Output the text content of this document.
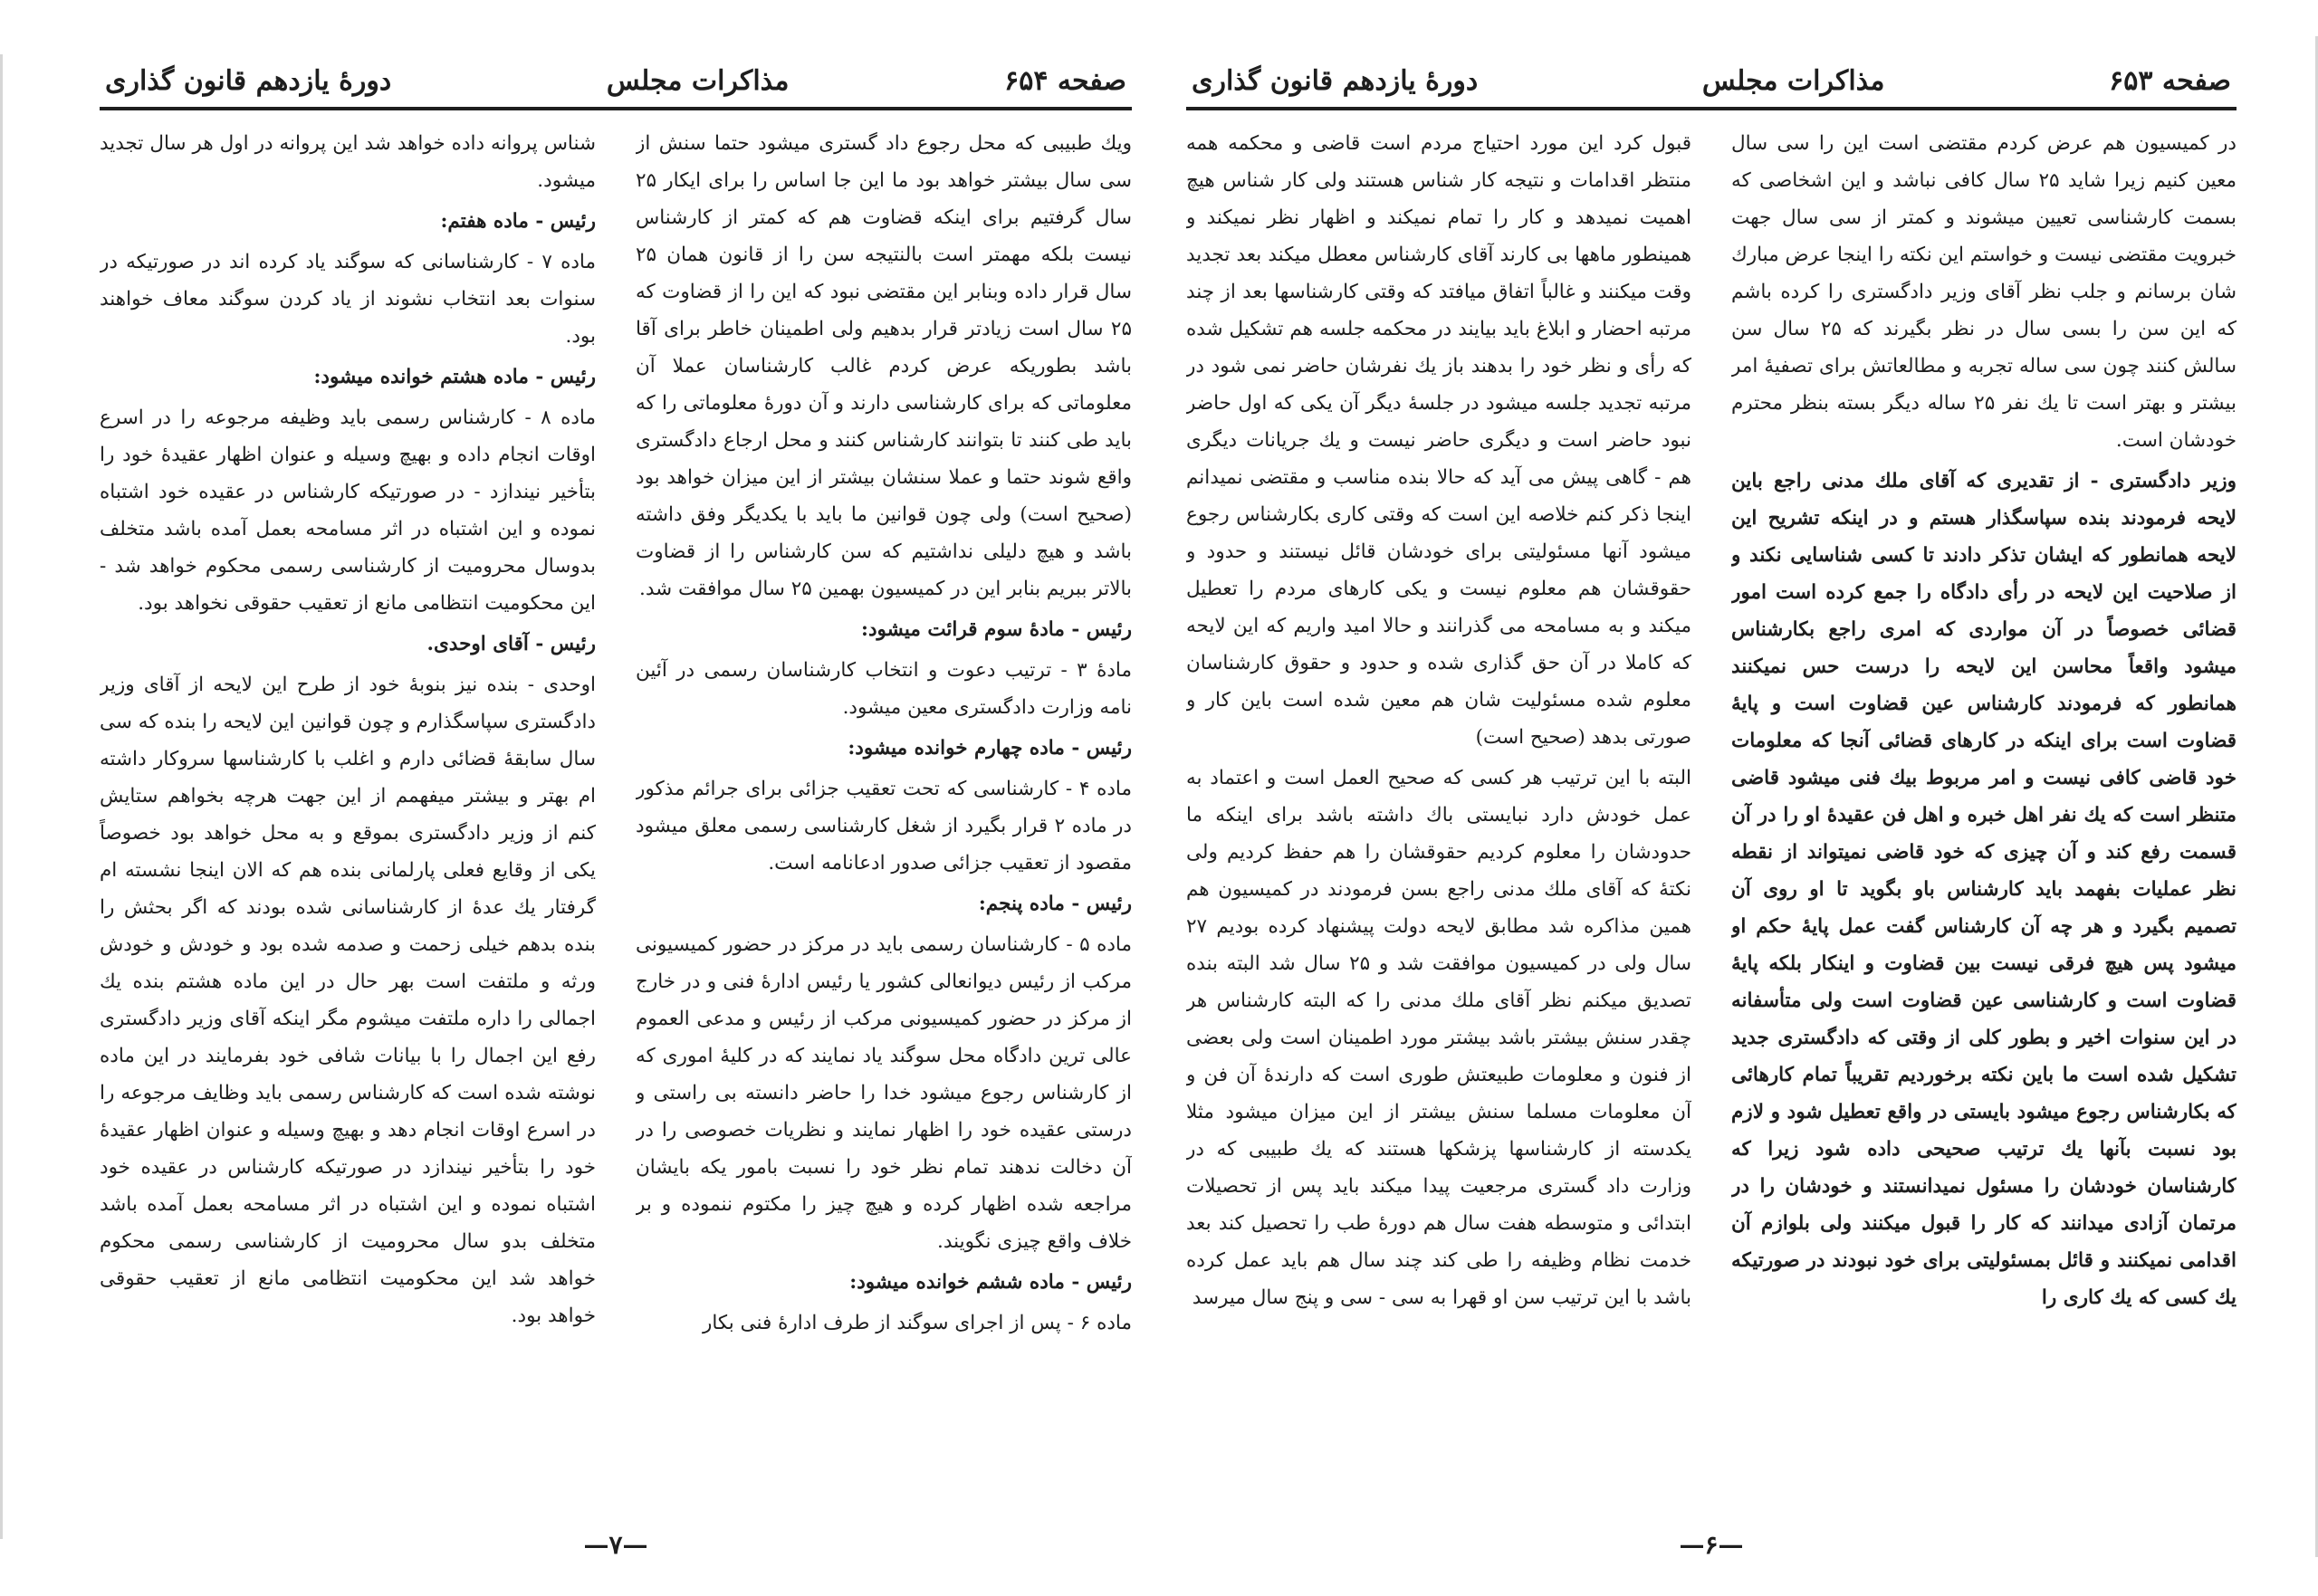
دورهٔ یازدهم قانون گذاری	مذاکرات مجلس	صفحه ۶۵۴

شناس پروانه داده خواهد شد این پروانه در اول هر سال تجدید میشود.

رئیس - ماده هفتم:

ماده ۷ - کارشناسانی که سوگند یاد کرده اند در صورتیکه در سنوات بعد انتخاب نشوند از یاد کردن سوگند معاف خواهند بود.

رئیس - ماده هشتم خوانده میشود:

ماده ۸ - کارشناس رسمی باید وظیفه مرجوعه را در اسرع اوقات انجام داده و بهیچ وسیله و عنوان اظهار عقیدهٔ خود را بتأخیر نیندازد - در صورتیکه کارشناس در عقیده خود اشتباه نموده و این اشتباه در اثر مسامحه بعمل آمده باشد متخلف بدوسال محرومیت از کارشناسی رسمی محکوم خواهد شد - این محکومیت انتظامی مانع از تعقیب حقوقی نخواهد بود.

رئیس - آقای اوحدی.

اوحدی - بنده نیز بنوبهٔ خود از طرح این لایحه از آقای وزیر دادگستری سپاسگذارم و چون قوانین این لایحه را بنده که سی سال سابقهٔ قضائی دارم و اغلب با کارشناسها سروکار داشته ام بهتر و بیشتر میفهمم از این جهت هرچه بخواهم ستایش کنم از وزیر دادگستری بموقع و به محل خواهد بود خصوصاً یکی از وقایع فعلی پارلمانی بنده هم که الان اینجا نشسته ام گرفتار یك عدهٔ از کارشناسانی شده بودند که اگر بحثش را بنده بدهم خیلی زحمت و صدمه شده بود و خودش و خودش ورثه و ملتفت است بهر حال در این ماده هشتم بنده یك اجمالی را داره ملتفت میشوم مگر اینکه آقای وزیر دادگستری رفع این اجمال را با بیانات شافی خود بفرمایند در این ماده نوشته شده است که کارشناس رسمی باید وظایف مرجوعه را در اسرع اوقات انجام دهد و بهیچ وسیله و عنوان اظهار عقیدهٔ خود را بتأخیر نیندازد در صورتیکه کارشناس در عقیده خود اشتباه نموده و این اشتباه در اثر مسامحه بعمل آمده باشد متخلف بدو سال محرومیت از کارشناسی رسمی محکوم خواهد شد این محکومیت انتظامی مانع از تعقیب حقوقی خواهد بود.

ویك طبیبی که محل رجوع داد گستری میشود حتما سنش از سی سال بیشتر خواهد بود ما این جا اساس را برای ایکار ۲۵ سال گرفتیم برای اینکه قضاوت هم که کمتر از کارشناس نیست بلکه مهمتر است بالنتیجه سن را از قانون همان ۲۵ سال قرار داده وبنابر این مقتضی نبود که این را از قضاوت که ۲۵ سال است زیادتر قرار بدهیم ولی اطمینان خاطر برای آقا باشد بطوریکه عرض کردم غالب کارشناسان عملا آن معلوماتی که برای کارشناسی دارند و آن دورهٔ معلوماتی را که باید طی کنند تا بتوانند کارشناس کنند و محل ارجاع دادگستری واقع شوند حتما و عملا سنشان بیشتر از این میزان خواهد بود (صحیح است) ولی چون قوانین ما باید با یکدیگر وفق داشته باشد و هیچ دلیلی نداشتیم که سن کارشناس را از قضاوت بالاتر ببریم بنابر این در کمیسیون بهمین ۲۵ سال موافقت شد.

رئیس - مادهٔ سوم قرائت میشود:

مادهٔ ۳ - ترتیب دعوت و انتخاب کارشناسان رسمی در آئین نامه وزارت دادگستری معین میشود.

رئیس - ماده چهارم خوانده میشود:

ماده ۴ - کارشناسی که تحت تعقیب جزائی برای جرائم مذکور در ماده ۲ قرار بگیرد از شغل کارشناسی رسمی معلق میشود مقصود از تعقیب جزائی صدور ادعانامه است.

رئیس - ماده پنجم:

ماده ۵ - کارشناسان رسمی باید در مرکز در حضور کمیسیونی مرکب از رئیس دیوانعالی کشور یا رئیس ادارهٔ فنی و در خارج از مرکز در حضور کمیسیونی مرکب از رئیس و مدعی العموم عالی ترین دادگاه محل سوگند یاد نمایند که در کلیهٔ اموری که از کارشناس رجوع میشود خدا را حاضر دانسته بی راستی و درستی عقیده خود را اظهار نمایند و نظریات خصوصی را در آن دخالت ندهند تمام نظر خود را نسبت بامور یکه بایشان مراجعه شده اظهار کرده و هیچ چیز را مکتوم ننموده و بر خلاف واقع چیزی نگویند.

رئیس - ماده ششم خوانده میشود:

ماده ۶ - پس از اجرای سوگند از طرف ادارهٔ فنی بکار

—۷—
دورهٔ یازدهم قانون گذاری	مذاکرات مجلس	صفحه ۶۵۳

قبول کرد این مورد احتیاج مردم است قاضی و محکمه همه منتظر اقدامات و نتیجه کار شناس هستند ولی کار شناس هیچ اهمیت نمیدهد و کار را تمام نمیکند و اظهار نظر نمیکند و همینطور ماهها بی کارند آقای کارشناس معطل میکند بعد تجدید وقت میکنند و غالباً اتفاق میافتد که وقتی کارشناسها بعد از چند مرتبه احضار و ابلاغ باید بیایند در محکمه جلسه هم تشکیل شده که رأی و نظر خود را بدهند باز یك نفرشان حاضر نمی شود در مرتبه تجدید جلسه میشود در جلسهٔ دیگر آن یکی که اول حاضر نبود حاضر است و دیگری حاضر نیست و یك جریانات دیگری هم - گاهی پیش می آید که حالا بنده مناسب و مقتضی نمیدانم اینجا ذکر کنم خلاصه این است که وقتی کاری بکارشناس رجوع میشود آنها مسئولیتی برای خودشان قائل نیستند و حدود و حقوقشان هم معلوم نیست و یکی کارهای مردم را تعطیل میکند و به مسامحه می گذرانند و حالا امید واریم که این لایحه که کاملا در آن حق گذاری شده و حدود و حقوق کارشناسان معلوم شده مسئولیت شان هم معین شده است باین کار و صورتی بدهد (صحیح است)

البته با این ترتیب هر کسی که صحیح العمل است و اعتماد به عمل خودش دارد نبایستی باك داشته باشد برای اینکه ما حدودشان را معلوم کردیم حقوقشان را هم حفظ کردیم ولی نکتهٔ که آقای ملك مدنی راجع بسن فرمودند در کمیسیون هم همین مذاکره شد مطابق لایحه دولت پیشنهاد کرده بودیم ۲۷ سال ولی در کمیسیون موافقت شد و ۲۵ سال شد البته بنده تصدیق میکنم نظر آقای ملك مدنی را که البته کارشناس هر چقدر سنش بیشتر باشد بیشتر مورد اطمینان است ولی بعضی از فنون و معلومات طبیعتش طوری است که دارندهٔ آن فن و آن معلومات مسلما سنش بیشتر از این میزان میشود مثلا یکدسته از کارشناسها پزشکها هستند که یك طبیبی که در وزارت داد گستری مرجعیت پیدا میکند باید پس از تحصیلات ابتدائی و متوسطه هفت سال هم دورهٔ طب را تحصیل کند بعد خدمت نظام وظیفه را طی کند چند سال هم باید عمل کرده باشد با این ترتیب سن او قهرا به سی - سی و پنج سال میرسد

در کمیسیون هم عرض کردم مقتضی است این را سی سال معین کنیم زیرا شاید ۲۵ سال کافی نباشد و این اشخاصی که بسمت کارشناسی تعیین میشوند و کمتر از سی سال جهت خبرویت مقتضی نیست و خواستم این نکته را اینجا عرض مبارك شان برسانم و جلب نظر آقای وزیر دادگستری را کرده باشم که این سن را بسی سال در نظر بگیرند که ۲۵ سال سن سالش کنند چون سی ساله تجربه و مطالعاتش برای تصفیهٔ امر بیشتر و بهتر است تا یك نفر ۲۵ ساله دیگر بسته بنظر محترم خودشان است.

وزیر دادگستری - از تقدیری که آقای ملك مدنی راجع باین لایحه فرمودند بنده سپاسگذار هستم و در اینکه تشریح این لایحه همانطور که ایشان تذکر دادند تا کسی شناسایی نکند و از صلاحیت این لایحه در رأی دادگاه را جمع کرده است امور قضائی خصوصاً در آن مواردی که امری راجع بکارشناس میشود واقعاً محاسن این لایحه را درست حس نمیکنند همانطور که فرمودند کارشناس عین قضاوت است و پایهٔ قضاوت است برای اینکه در کارهای قضائی آنجا که معلومات خود قاضی کافی نیست و امر مربوط بیك فنی میشود قاضی متنظر است که یك نفر اهل خبره و اهل فن عقیدهٔ او را در آن قسمت رفع کند و آن چیزی که خود قاضی نمیتواند از نقطه نظر عملیات بفهمد باید کارشناس باو بگوید تا او روی آن تصمیم بگیرد و هر چه آن کارشناس گفت عمل پایهٔ حکم او میشود پس هیچ فرقی نیست بین قضاوت و اینکار بلکه پایهٔ قضاوت است و کارشناسی عین قضاوت است ولی متأسفانه در این سنوات اخیر و بطور کلی از وقتی که دادگستری جدید تشکیل شده است ما باین نکته برخوردیم تقریباً تمام کارهائی که بکارشناس رجوع میشود بایستی در واقع تعطیل شود و لازم بود نسبت بآنها یك ترتیب صحیحی داده شود زیرا که کارشناسان خودشان را مسئول نمیدانستند و خودشان را در مرتمان آزادی میدانند که کار را قبول میکنند ولی بلوازم آن اقدامی نمیکنند و قائل بمسئولیتی برای خود نبودند در صورتیکه یك کسی که یك کاری را

—۶—
